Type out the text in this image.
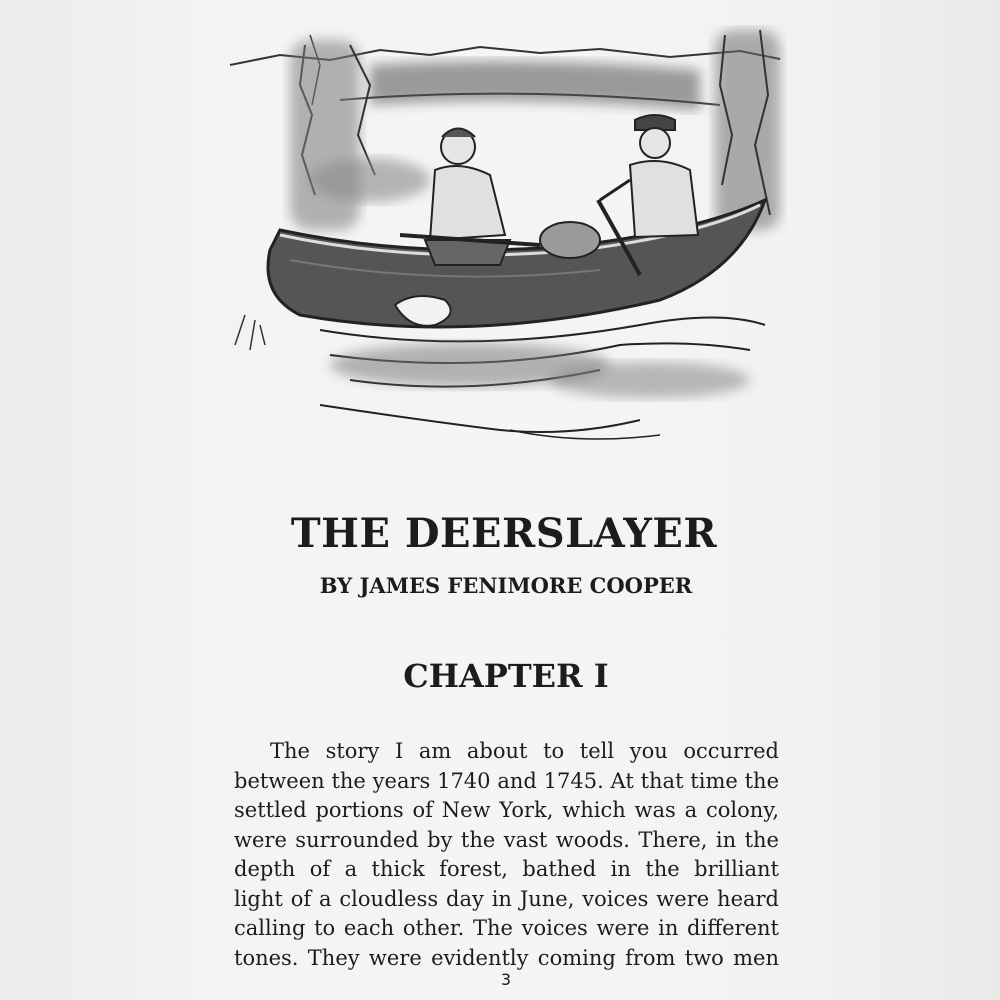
THE DEERSLAYER
BY JAMES FENIMORE COOPER
CHAPTER I
The story I am about to tell you occurred
between the years 1740 and 1745. At that time the
settled portions of New York, which was a colony,
were surrounded by the vast woods. There, in the
depth of a thick forest, bathed in the brilliant
light of a cloudless day in June, voices were heard
calling to each other. The voices were in different
tones. They were evidently coming from two men
3
